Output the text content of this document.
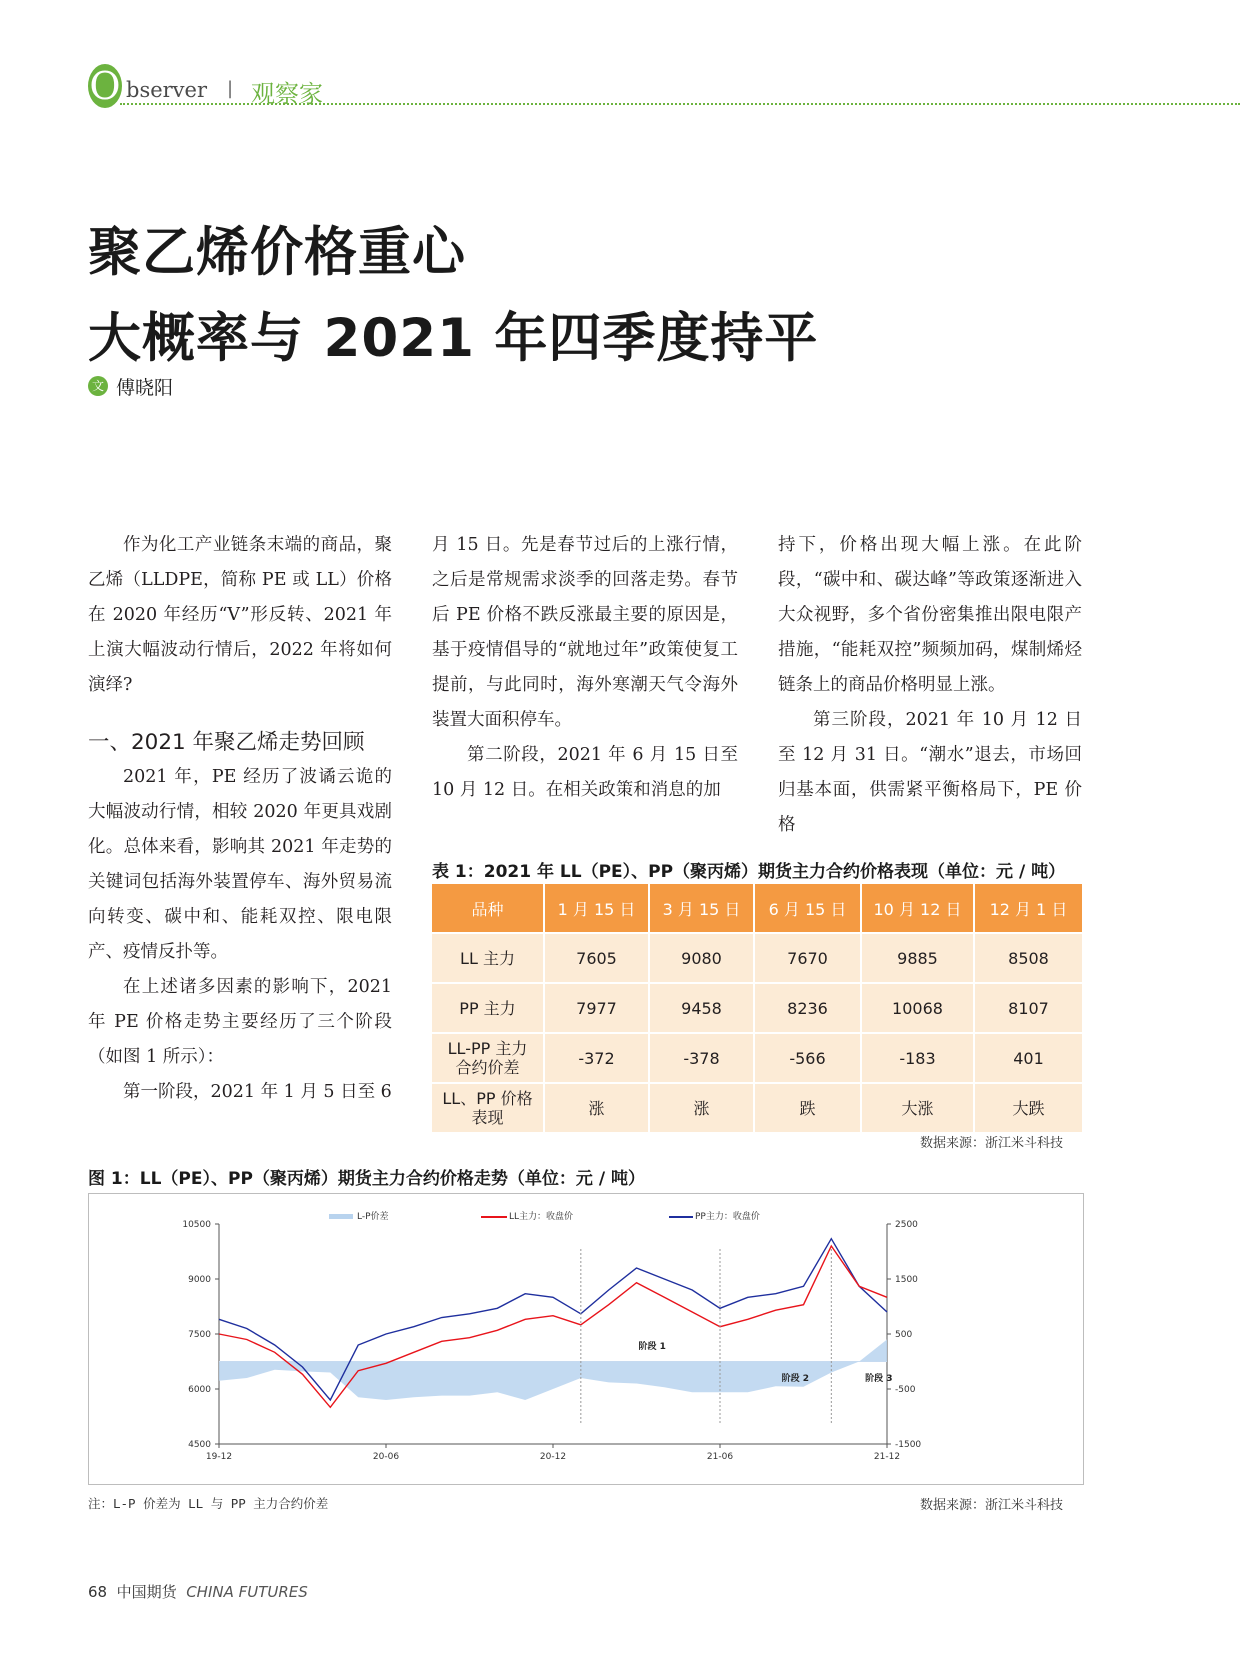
O bserver | 观察家
聚乙烯价格重心
大概率与 2021 年四季度持平
文 傅晓阳

作为化工产业链条末端的商品，聚乙烯（LLDPE，简称 PE 或 LL）价格在 2020 年经历“V”形反转、2021 年上演大幅波动行情后，2022 年将如何演绎?

一、2021 年聚乙烯走势回顾

2021 年，PE 经历了波谲云诡的大幅波动行情，相较 2020 年更具戏剧化。总体来看，影响其 2021 年走势的关键词包括海外装置停车、海外贸易流向转变、碳中和、能耗双控、限电限产、疫情反扑等。

在上述诸多因素的影响下，2021 年 PE 价格走势主要经历了三个阶段（如图 1 所示）：

第一阶段，2021 年 1 月 5 日至 6

月 15 日。先是春节过后的上涨行情，之后是常规需求淡季的回落走势。春节后 PE 价格不跌反涨最主要的原因是，基于疫情倡导的“就地过年”政策使复工提前，与此同时，海外寒潮天气令海外装置大面积停车。

第二阶段，2021 年 6 月 15 日至 10 月 12 日。在相关政策和消息的加

持下，价格出现大幅上涨。在此阶段，“碳中和、碳达峰”等政策逐渐进入大众视野，多个省份密集推出限电限产措施，“能耗双控”频频加码，煤制烯烃链条上的商品价格明显上涨。

第三阶段，2021 年 10 月 12 日至 12 月 31 日。“潮水”退去，市场回归基本面，供需紧平衡格局下，PE 价格

表 1：2021 年 LL（PE）、PP（聚丙烯）期货主力合约价格表现（单位：元 / 吨）
品种	1 月 15 日	3 月 15 日	6 月 15 日	10 月 12 日	12 月 1 日
LL 主力	7605	9080	7670	9885	8508
PP 主力	7977	9458	8236	10068	8107
LL-PP 主力合约价差	-372	-378	-566	-183	401
LL、PP 价格表现	涨	涨	跌	大涨	大跌
数据来源：浙江米斗科技
图 1：LL（PE）、PP（聚丙烯）期货主力合约价格走势（单位：元 / 吨）
10500
9000
7500
6000
4500
2500
1500
500
-500
-1500
19-12	20-06	20-12	21-06	21-12
阶段 1
阶段 2	阶段 3
L-P价差	LL主力：收盘价	PP主力：收盘价
注：L-P 价差为 LL 与 PP 主力合约价差	数据来源：浙江米斗科技
68 中国期货 CHINA FUTURES
